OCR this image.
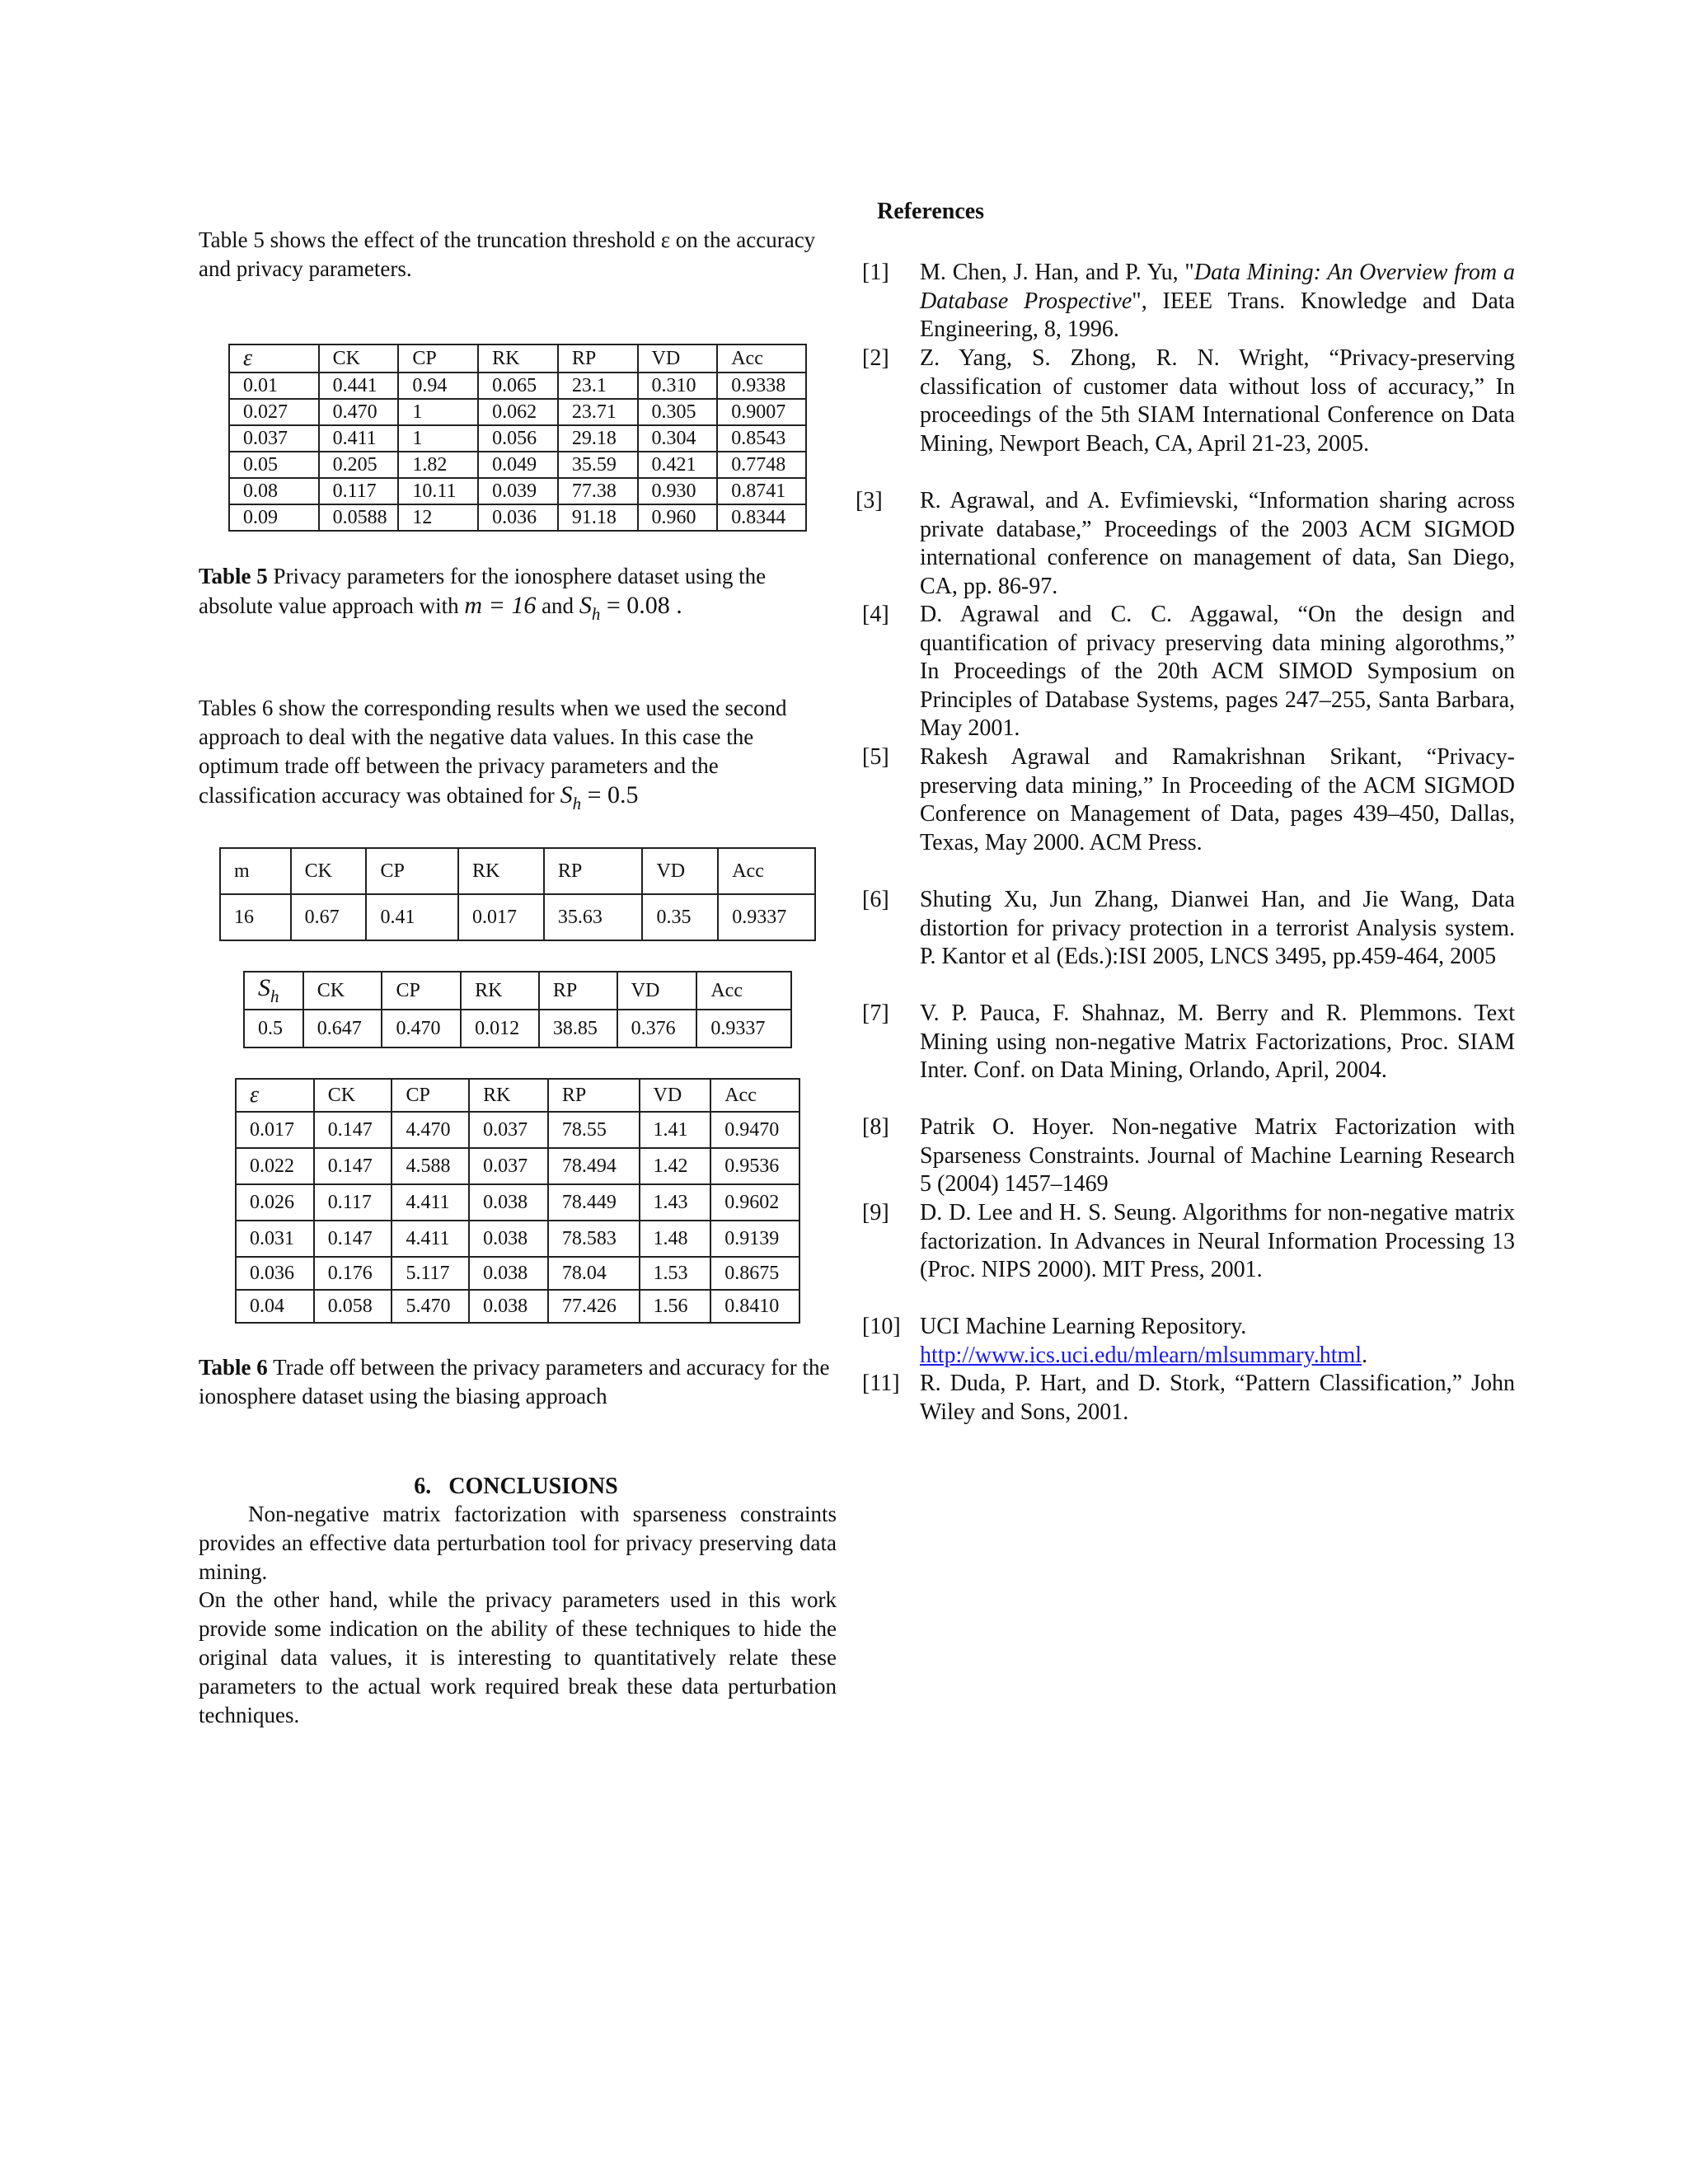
Table 5 shows the effect of the truncation threshold ε on the accuracy and privacy parameters.
ε	CK	CP	RK	RP	VD	Acc
0.01	0.441	0.94	0.065	23.1	0.310	0.9338
0.027	0.470	1	0.062	23.71	0.305	0.9007
0.037	0.411	1	0.056	29.18	0.304	0.8543
0.05	0.205	1.82	0.049	35.59	0.421	0.7748
0.08	0.117	10.11	0.039	77.38	0.930	0.8741
0.09	0.0588	12	0.036	91.18	0.960	0.8344
Table 5 Privacy parameters for the ionosphere dataset using the absolute value approach with m = 16 and $S_h = 0.08$ .
Tables 6 show the corresponding results when we used the second approach to deal with the negative data values. In this case the optimum trade off between the privacy parameters and the classification accuracy was obtained for $S_h = 0.5$
m	CK	CP	RK	RP	VD	Acc
16	0.67	0.41	0.017	35.63	0.35	0.9337
$S_h$	CK	CP	RK	RP	VD	Acc
0.5	0.647	0.470	0.012	38.85	0.376	0.9337
ε	CK	CP	RK	RP	VD	Acc
0.017	0.147	4.470	0.037	78.55	1.41	0.9470
0.022	0.147	4.588	0.037	78.494	1.42	0.9536
0.026	0.117	4.411	0.038	78.449	1.43	0.9602
0.031	0.147	4.411	0.038	78.583	1.48	0.9139
0.036	0.176	5.117	0.038	78.04	1.53	0.8675
0.04	0.058	5.470	0.038	77.426	1.56	0.8410
Table 6 Trade off between the privacy parameters and accuracy for the ionosphere dataset using the biasing approach
6.   CONCLUSIONS
Non-negative matrix factorization with sparseness constraints provides an effective data perturbation tool for privacy preserving data mining.
On the other hand, while the privacy parameters used in this work provide some indication on the ability of these techniques to hide the original data values, it is interesting to quantitatively relate these parameters to the actual work required break these data perturbation techniques.
References
[1] M. Chen, J. Han, and P. Yu, "Data Mining: An Overview from a Database Prospective", IEEE Trans. Knowledge and Data Engineering, 8, 1996.
[2] Z. Yang, S. Zhong, R. N. Wright, “Privacy-preserving classification of customer data without loss of accuracy,” In proceedings of the 5th SIAM International Conference on Data Mining, Newport Beach, CA, April 21-23, 2005.
[3] R. Agrawal, and A. Evfimievski, “Information sharing across private database,” Proceedings of the 2003 ACM SIGMOD international conference on management of data, San Diego, CA, pp. 86-97.
[4] D. Agrawal and C. C. Aggawal, “On the design and quantification of privacy preserving data mining algorothms,” In Proceedings of the 20th ACM SIMOD Symposium on Principles of Database Systems, pages 247–255, Santa Barbara, May 2001.
[5] Rakesh Agrawal and Ramakrishnan Srikant, “Privacy-preserving data mining,” In Proceeding of the ACM SIGMOD Conference on Management of Data, pages 439–450, Dallas, Texas, May 2000. ACM Press.
[6] Shuting Xu, Jun Zhang, Dianwei Han, and Jie Wang, Data distortion for privacy protection in a terrorist Analysis system. P. Kantor et al (Eds.):ISI 2005, LNCS 3495, pp.459-464, 2005
[7] V. P. Pauca, F. Shahnaz, M. Berry and R. Plemmons. Text Mining using non-negative Matrix Factorizations, Proc. SIAM Inter. Conf. on Data Mining, Orlando, April, 2004.
[8] Patrik O. Hoyer. Non-negative Matrix Factorization with Sparseness Constraints. Journal of Machine Learning Research 5 (2004) 1457–1469
[9] D. D. Lee and H. S. Seung. Algorithms for non-negative matrix factorization. In Advances in Neural Information Processing 13 (Proc. NIPS 2000). MIT Press, 2001.
[10] UCI Machine Learning Repository.
http://www.ics.uci.edu/mlearn/mlsummary.html.
[11] R. Duda, P. Hart, and D. Stork, “Pattern Classification,” John Wiley and Sons, 2001.
